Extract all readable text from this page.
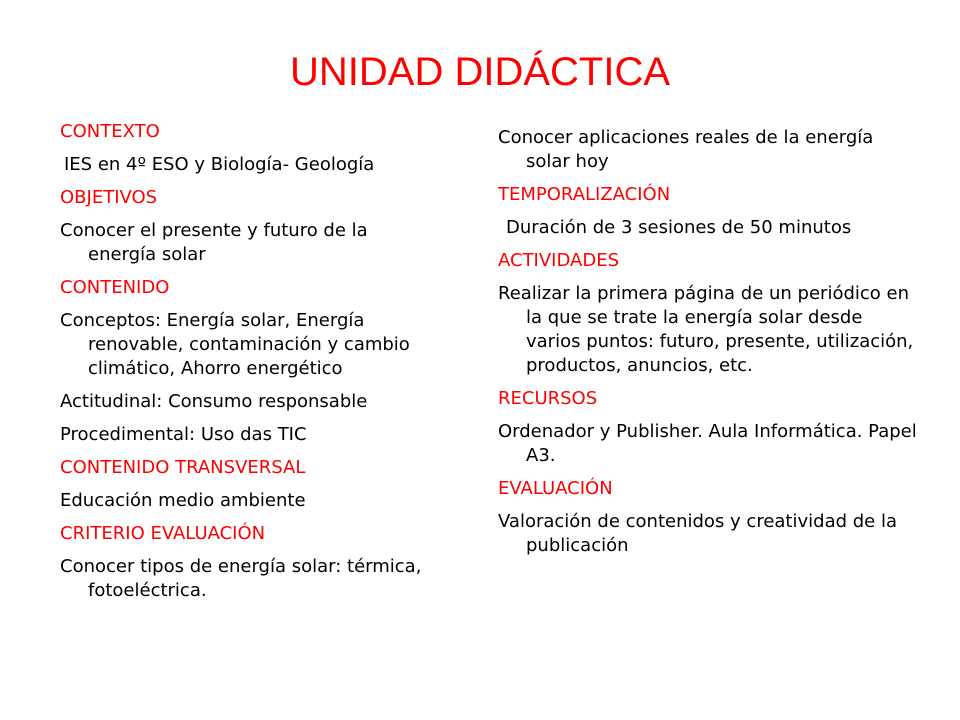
UNIDAD DIDÁCTICA
CONTEXTO
IES en 4º ESO y Biología- Geología
OBJETIVOS
Conocer el presente y futuro de la energía solar
CONTENIDO
Conceptos: Energía solar, Energía renovable, contaminación y cambio climático, Ahorro energético
Actitudinal: Consumo responsable
Procedimental: Uso das TIC
CONTENIDO TRANSVERSAL
Educación medio ambiente
CRITERIO EVALUACIÓN
Conocer tipos de energía solar: térmica, fotoeléctrica.
Conocer aplicaciones reales de la energía solar hoy
TEMPORALIZACIÓN
Duración de 3 sesiones de 50 minutos
ACTIVIDADES
Realizar la primera página de un periódico en la que se trate la energía solar desde varios puntos: futuro, presente, utilización, productos, anuncios, etc.
RECURSOS
Ordenador y Publisher. Aula Informática. Papel A3.
EVALUACIÓN
Valoración de contenidos y creatividad de la publicación
